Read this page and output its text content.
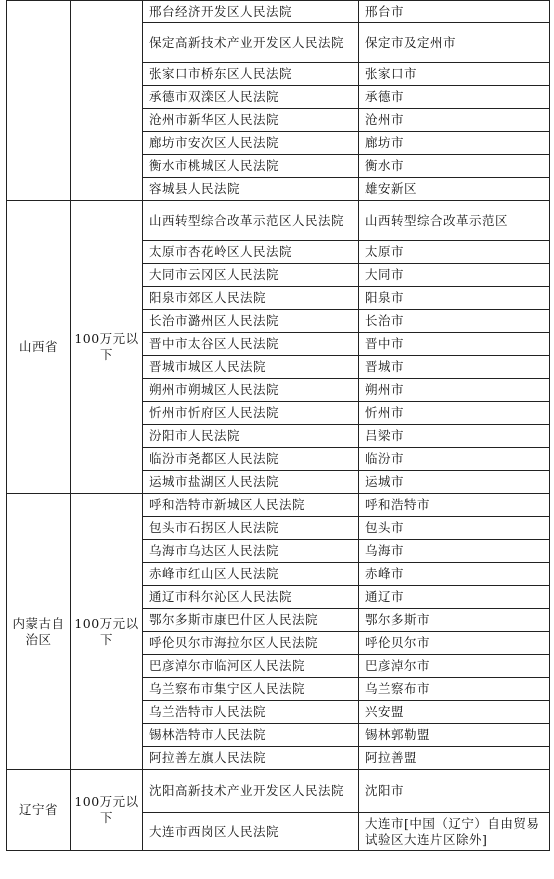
		邢台经济开发区人民法院	邢台市
		保定高新技术产业开发区人民法院	保定市及定州市
		张家口市桥东区人民法院	张家口市
		承德市双滦区人民法院	承德市
		沧州市新华区人民法院	沧州市
		廊坊市安次区人民法院	廊坊市
		衡水市桃城区人民法院	衡水市
		容城县人民法院	雄安新区
山西省	100万元以下	山西转型综合改革示范区人民法院	山西转型综合改革示范区
		太原市杏花岭区人民法院	太原市
		大同市云冈区人民法院	大同市
		阳泉市郊区人民法院	阳泉市
		长治市潞州区人民法院	长治市
		晋中市太谷区人民法院	晋中市
		晋城市城区人民法院	晋城市
		朔州市朔城区人民法院	朔州市
		忻州市忻府区人民法院	忻州市
		汾阳市人民法院	吕梁市
		临汾市尧都区人民法院	临汾市
		运城市盐湖区人民法院	运城市
内蒙古自治区	100万元以下	呼和浩特市新城区人民法院	呼和浩特市
		包头市石拐区人民法院	包头市
		乌海市乌达区人民法院	乌海市
		赤峰市红山区人民法院	赤峰市
		通辽市科尔沁区人民法院	通辽市
		鄂尔多斯市康巴什区人民法院	鄂尔多斯市
		呼伦贝尔市海拉尔区人民法院	呼伦贝尔市
		巴彦淖尔市临河区人民法院	巴彦淖尔市
		乌兰察布市集宁区人民法院	乌兰察布市
		乌兰浩特市人民法院	兴安盟
		锡林浩特市人民法院	锡林郭勒盟
		阿拉善左旗人民法院	阿拉善盟
辽宁省	100万元以下	沈阳高新技术产业开发区人民法院	沈阳市
		大连市西岗区人民法院	大连市[中国（辽宁）自由贸易试验区大连片区除外]
